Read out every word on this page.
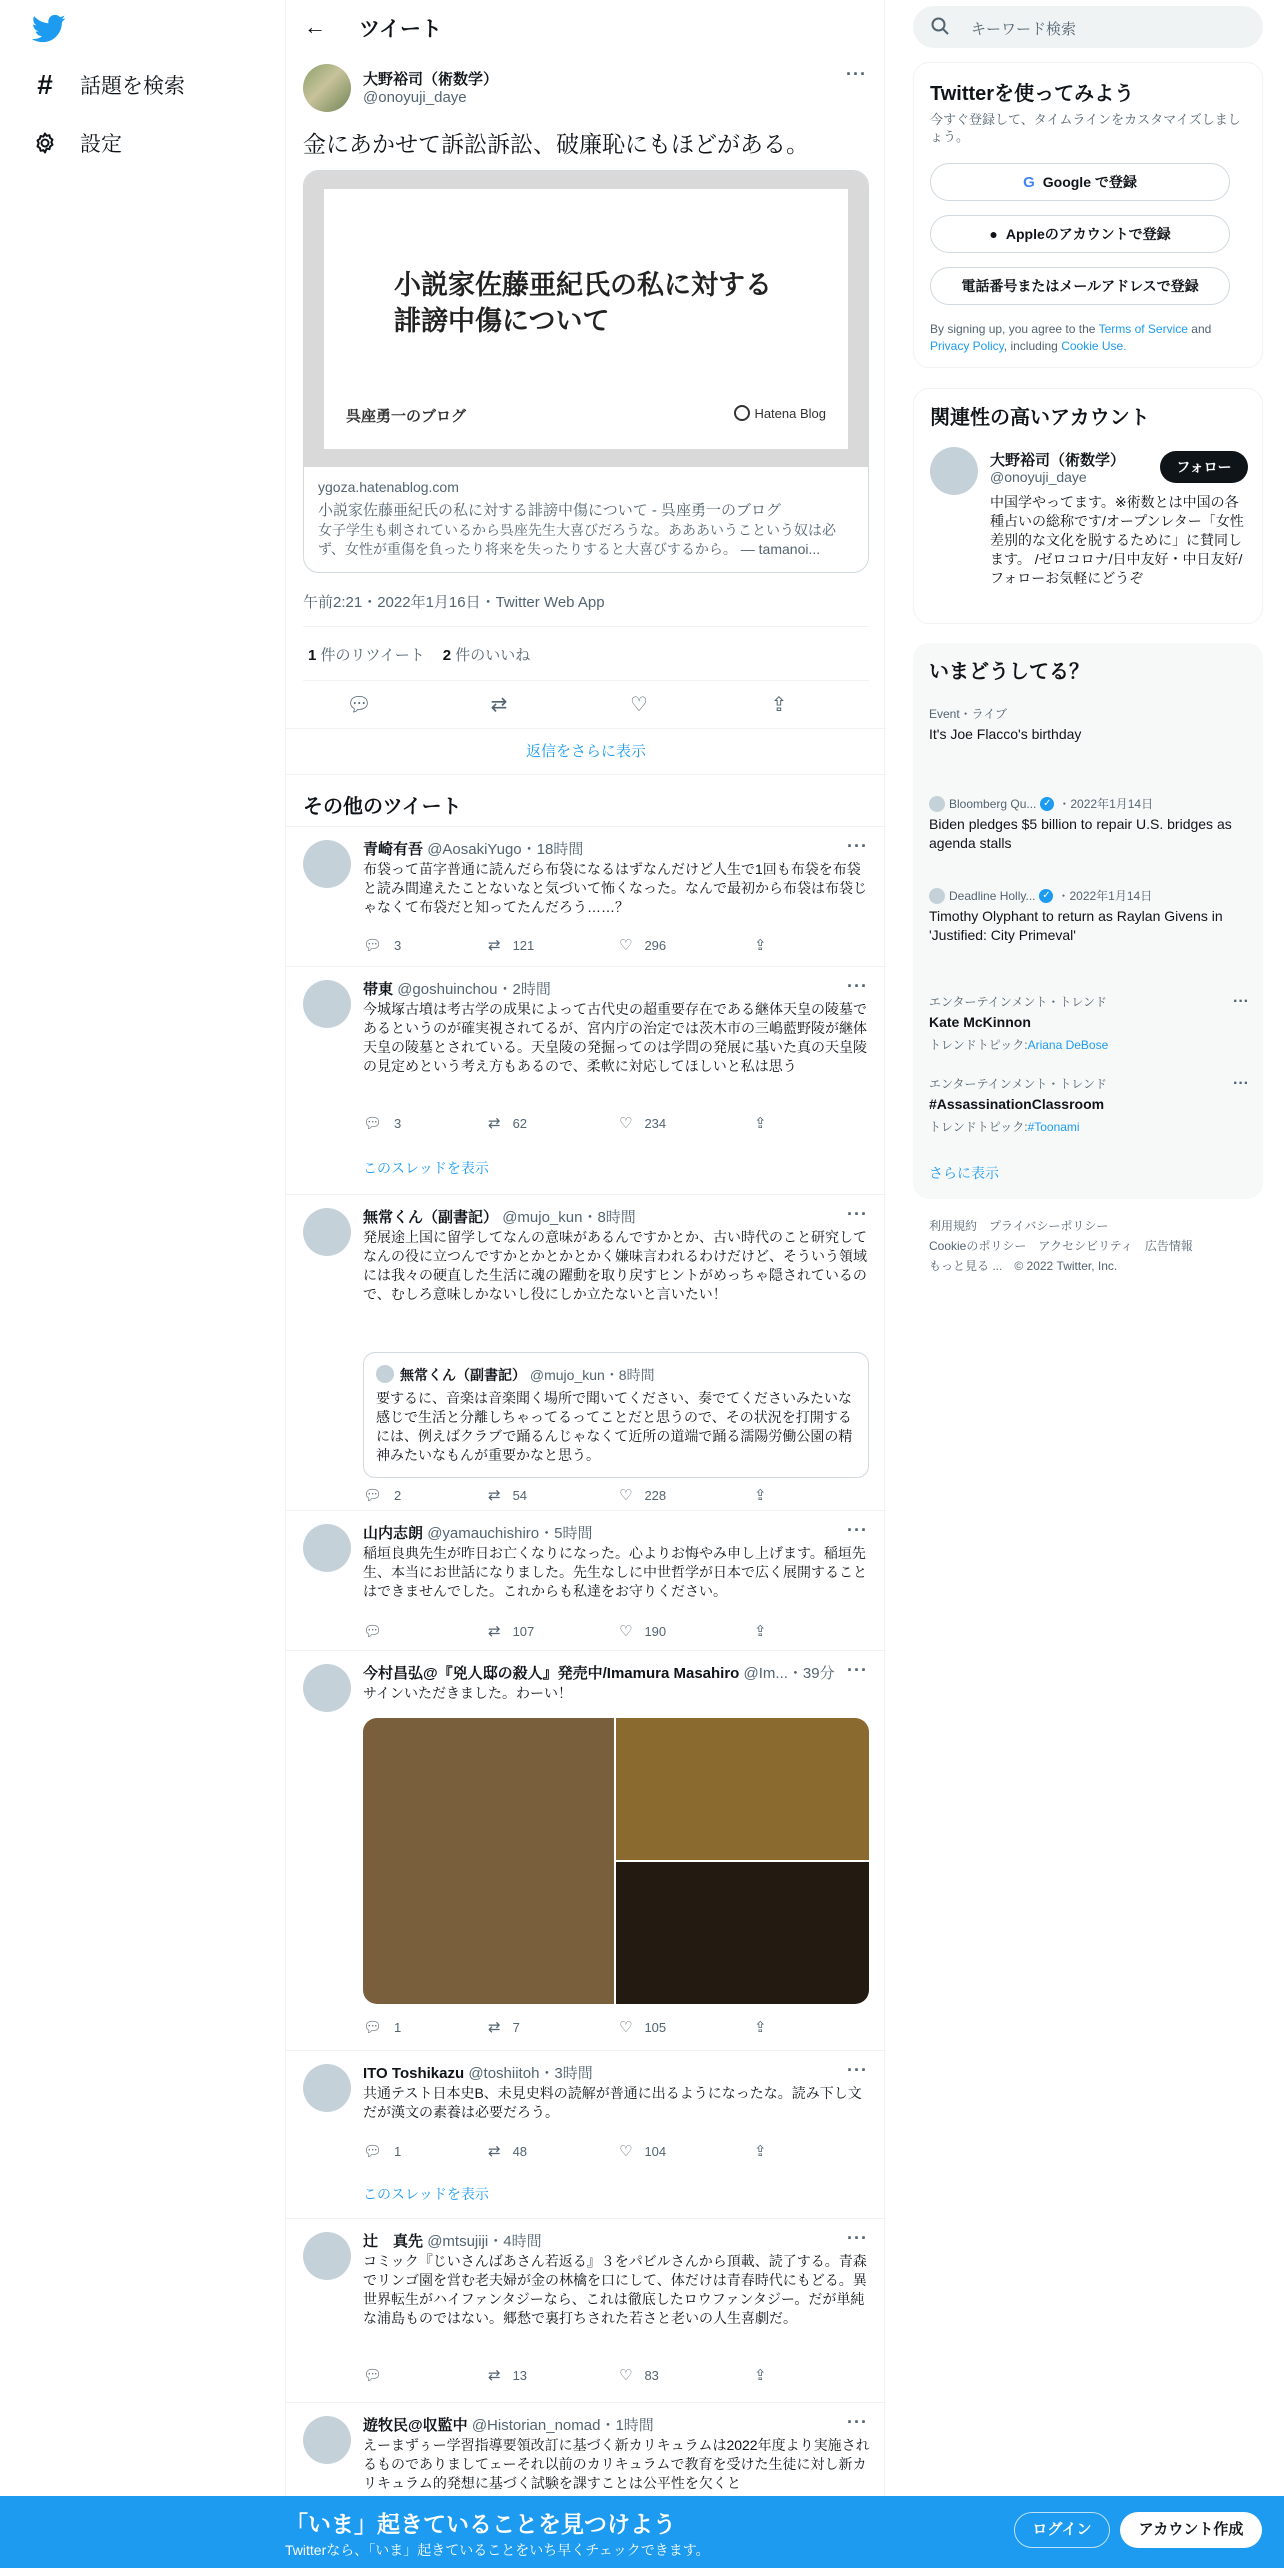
# 話題を検索
設定
← ツイート
大野裕司（術数学）
@onoyuji_daye
···
金にあかせて訴訟訴訟、破廉恥にもほどがある。
小説家佐藤亜紀氏の私に対する誹謗中傷について
呉座勇一のブログ	Hatena Blog
ygoza.hatenablog.com
小説家佐藤亜紀氏の私に対する誹謗中傷について - 呉座勇一のブログ
女子学生も刺されているから呉座先生大喜びだろうな。あああいうこという奴は必ず、女性が重傷を負ったり将来を失ったりすると大喜びするから。 — tamanoi...
午前2:21・2022年1月16日・Twitter Web App
1 件のリツイート 2 件のいいね
💬︎	⇄	♡	⇪
返信をさらに表示
その他のツイート
青崎有吾 @AosakiYugo・18時間	···
布袋って苗字普通に読んだら布袋になるはずなんだけど人生で1回も布袋を布袋と読み間違えたことないなと気づいて怖くなった。なんで最初から布袋は布袋じゃなくて布袋だと知ってたんだろう……？
💬︎ 3	⇄ 121	♡ 296	⇪
帯東 @goshuinchou・2時間	···
今城塚古墳は考古学の成果によって古代史の超重要存在である継体天皇の陵墓であるというのが確実視されてるが、宮内庁の治定では茨木市の三嶋藍野陵が継体天皇の陵墓とされている。天皇陵の発掘ってのは学問の発展に基いた真の天皇陵の見定めという考え方もあるので、柔軟に対応してほしいと私は思う
💬︎ 3	⇄ 62	♡ 234	⇪
このスレッドを表示
無常くん（副書記） @mujo_kun・8時間	···
発展途上国に留学してなんの意味があるんですかとか、古い時代のこと研究してなんの役に立つんですかとかとかとかく嫌味言われるわけだけど、そういう領域には我々の硬直した生活に魂の躍動を取り戻すヒントがめっちゃ隠されているので、むしろ意味しかないし役にしか立たないと言いたい！
無常くん（副書記） @mujo_kun・8時間
要するに、音楽は音楽聞く場所で聞いてください、奏でてくださいみたいな感じで生活と分離しちゃってるってことだと思うので、その状況を打開するには、例えばクラブで踊るんじゃなくて近所の道端で踊る濡陽労働公園の精神みたいなもんが重要かなと思う。
💬︎ 2	⇄ 54	♡ 228	⇪
山内志朗 @yamauchishiro・5時間	···
稲垣良典先生が昨日お亡くなりになった。心よりお悔やみ申し上げます。稲垣先生、本当にお世話になりました。先生なしに中世哲学が日本で広く展開することはできませんでした。これからも私達をお守りください。
💬︎	⇄ 107	♡ 190	⇪
今村昌弘@『兇人邸の殺人』発売中/Imamura Masahiro @Im...・39分 ···
サインいただきました。わーい！
💬︎ 1	⇄ 7	♡ 105	⇪
ITO Toshikazu @toshiitoh・3時間	···
共通テスト日本史B、未見史料の読解が普通に出るようになったな。読み下し文だが漢文の素養は必要だろう。
💬︎ 1	⇄ 48	♡ 104	⇪
このスレッドを表示
辻　真先 @mtsujiji・4時間	···
コミック『じいさんばあさん若返る』３をパビルさんから頂載、読了する。青森でリンゴ園を営む老夫婦が金の林檎を口にして、体だけは青春時代にもどる。異世界転生がハイファンタジーなら、これは徹底したロウファンタジー。だが単純な浦島ものではない。郷愁で裏打ちされた若さと老いの人生喜劇だ。
💬︎	⇄ 13	♡ 83	⇪
遊牧民@収監中 @Historian_nomad・1時間	···
えーまずぅー学習指導要領改訂に基づく新カリキュラムは2022年度より実施されるものでありましてェーそれ以前のカリキュラムで教育を受けた生徒に対し新カリキュラム的発想に基づく試験を課すことは公平性を欠くと
キーワード検索
Twitterを使ってみよう
今すぐ登録して、タイムラインをカスタマイズしましょう。
G Google で登録
● Appleのアカウントで登録
電話番号またはメールアドレスで登録
By signing up, you agree to the Terms of Service and Privacy Policy, including Cookie Use.
関連性の高いアカウント
大野裕司（術数学）
@onoyuji_daye
フォロー
中国学やってます。※術数とは中国の各種占いの総称です/オープンレター「女性差別的な文化を脱するために」に賛同します。 /ゼロコロナ/日中友好・中日友好/フォローお気軽にどうぞ
いまどうしてる？
Event・ライブ
It's Joe Flacco's birthday
Bloomberg Qu... ✓ ・2022年1月14日
Biden pledges $5 billion to repair U.S. bridges as agenda stalls
Deadline Holly... ✓ ・2022年1月14日
Timothy Olyphant to return as Raylan Givens in 'Justified: City Primeval'
···
エンターテインメント・トレンド
Kate McKinnon
トレンドトピック:Ariana DeBose
···
エンターテインメント・トレンド
#AssassinationClassroom
トレンドトピック:#Toonami
さらに表示
利用規約 プライバシーポリシー
Cookieのポリシー アクセシビリティ 広告情報
もっと見る ... © 2022 Twitter, Inc.
「いま」起きていることを見つけよう
Twitterなら、「いま」起きていることをいち早くチェックできます。
ログイン	アカウント作成
